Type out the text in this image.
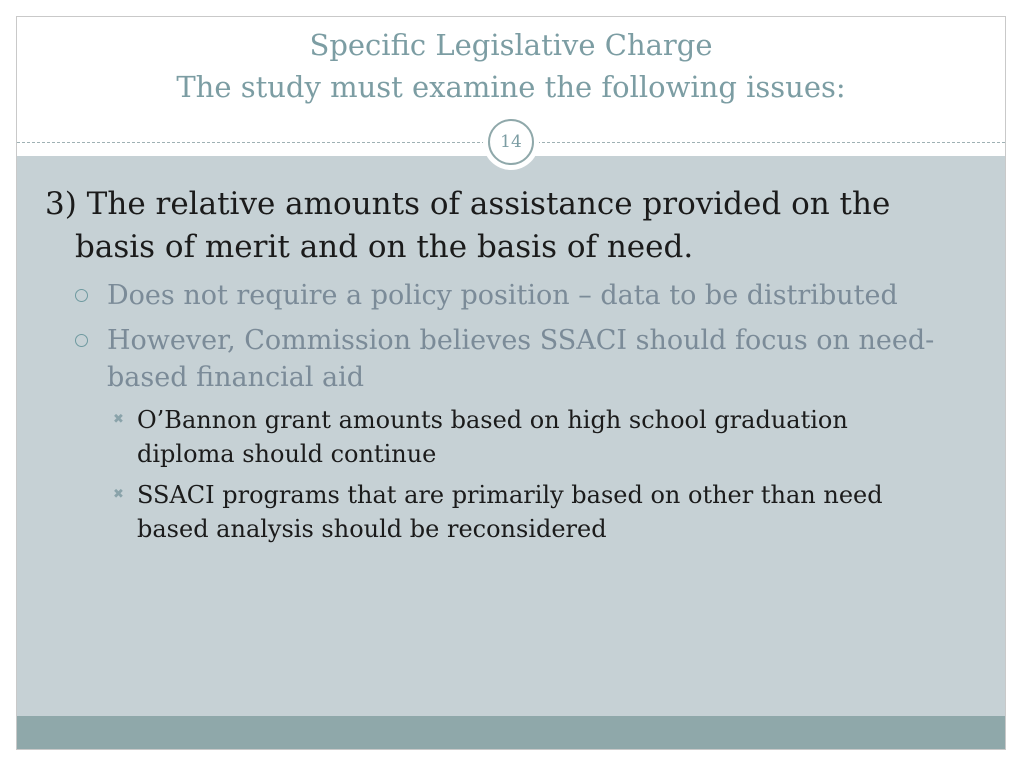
Specific Legislative Charge
The study must examine the following issues:
3) The relative amounts of assistance provided on the
basis of merit and on the basis of need.
Does not require a policy position – data to be distributed
However, Commission believes SSACI should focus on need-
based financial aid
✖ O’Bannon grant amounts based on high school graduation
diploma should continue
✖ SSACI programs that are primarily based on other than need
based analysis should be reconsidered
14
